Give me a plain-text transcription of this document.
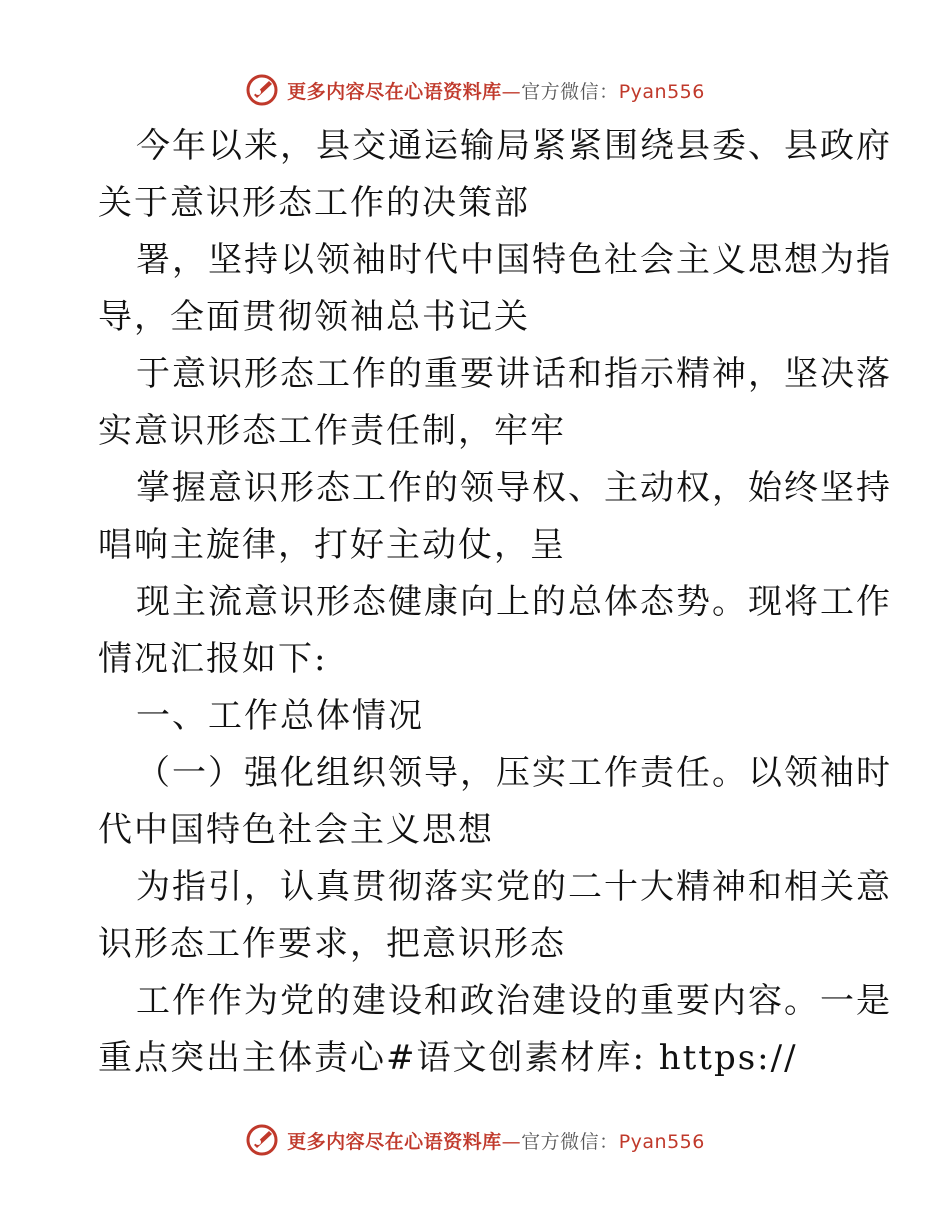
更多内容尽在心语资料库—官方微信：Pyan556
今年以来，县交通运输局紧紧围绕县委、县政府
关于意识形态工作的决策部
署，坚持以领袖时代中国特色社会主义思想为指
导，全面贯彻领袖总书记关
于意识形态工作的重要讲话和指示精神，坚决落
实意识形态工作责任制，牢牢
掌握意识形态工作的领导权、主动权，始终坚持
唱响主旋律，打好主动仗，呈
现主流意识形态健康向上的总体态势。现将工作
情况汇报如下:
一、工作总体情况
（一）强化组织领导，压实工作责任。以领袖时
代中国特色社会主义思想
为指引，认真贯彻落实党的二十大精神和相关意
识形态工作要求，把意识形态
工作作为党的建设和政治建设的重要内容。一是
重点突出主体责心#语文创素材库: https://
更多内容尽在心语资料库—官方微信：Pyan556
